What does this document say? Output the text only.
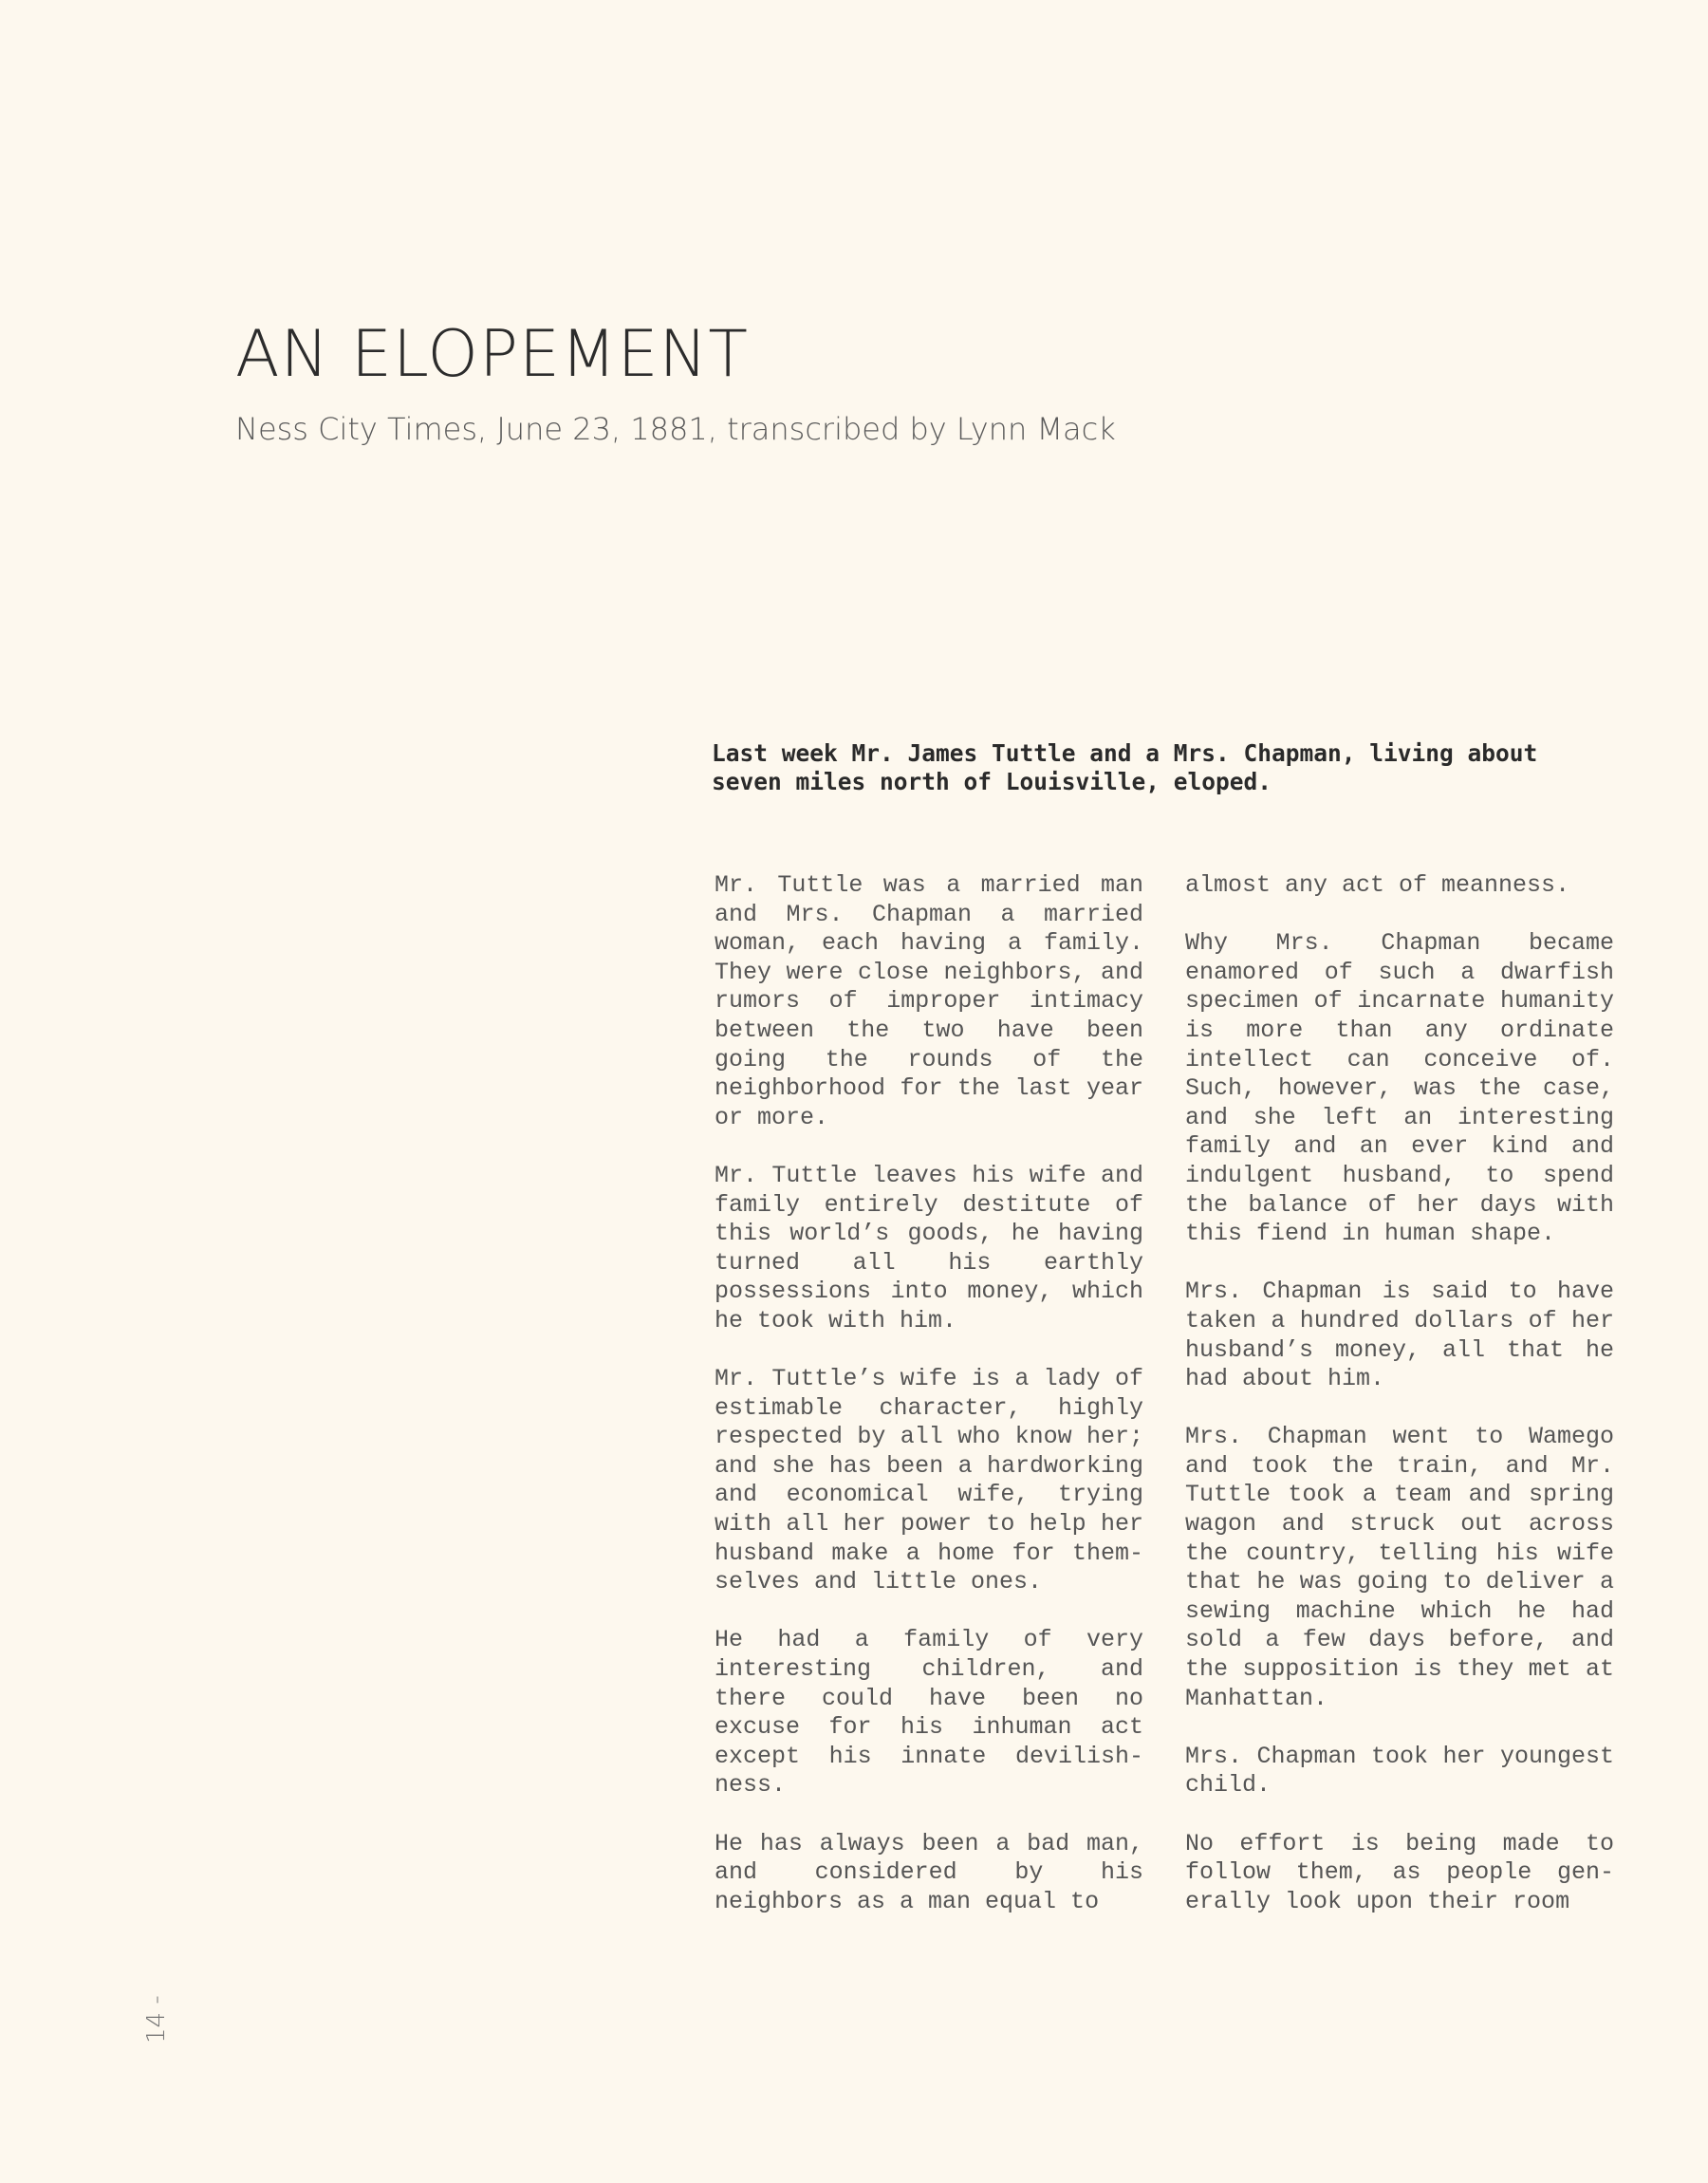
AN ELOPEMENT
Ness City Times, June 23, 1881, transcribed by Lynn Mack

Last week Mr. James Tuttle and a Mrs. Chapman, living about seven miles north of Louisville, eloped.

Mr. Tuttle was a married man and Mrs. Chapman a married woman, each having a family. They were close neighbors, and rumors of improper intimacy between the two have been going the rounds of the neighborhood for the last year or more.

Mr. Tuttle leaves his wife and family entirely destitute of this world’s goods, he having turned all his earthly possessions into money, which he took with him.

Mr. Tuttle’s wife is a lady of estimable character, highly respected by all who know her; and she has been a hardworking and economical wife, trying with all her power to help her husband make a home for themselves and little ones.

He had a family of very interesting children, and there could have been no excuse for his inhuman act except his innate devilishness.

He has always been a bad man, and considered by his neighbors as a man equal to

almost any act of meanness.

Why Mrs. Chapman became enamored of such a dwarfish specimen of incarnate humanity is more than any ordinate intellect can conceive of. Such, however, was the case, and she left an interesting family and an ever kind and indulgent husband, to spend the balance of her days with this fiend in human shape.

Mrs. Chapman is said to have taken a hundred dollars of her husband’s money, all that he had about him.

Mrs. Chapman went to Wamego and took the train, and Mr. Tuttle took a team and spring wagon and struck out across the country, telling his wife that he was going to deliver a sewing machine which he had sold a few days before, and the supposition is they met at Manhattan.

Mrs. Chapman took her youngest child.

No effort is being made to follow them, as people generally look upon their room

14 -
